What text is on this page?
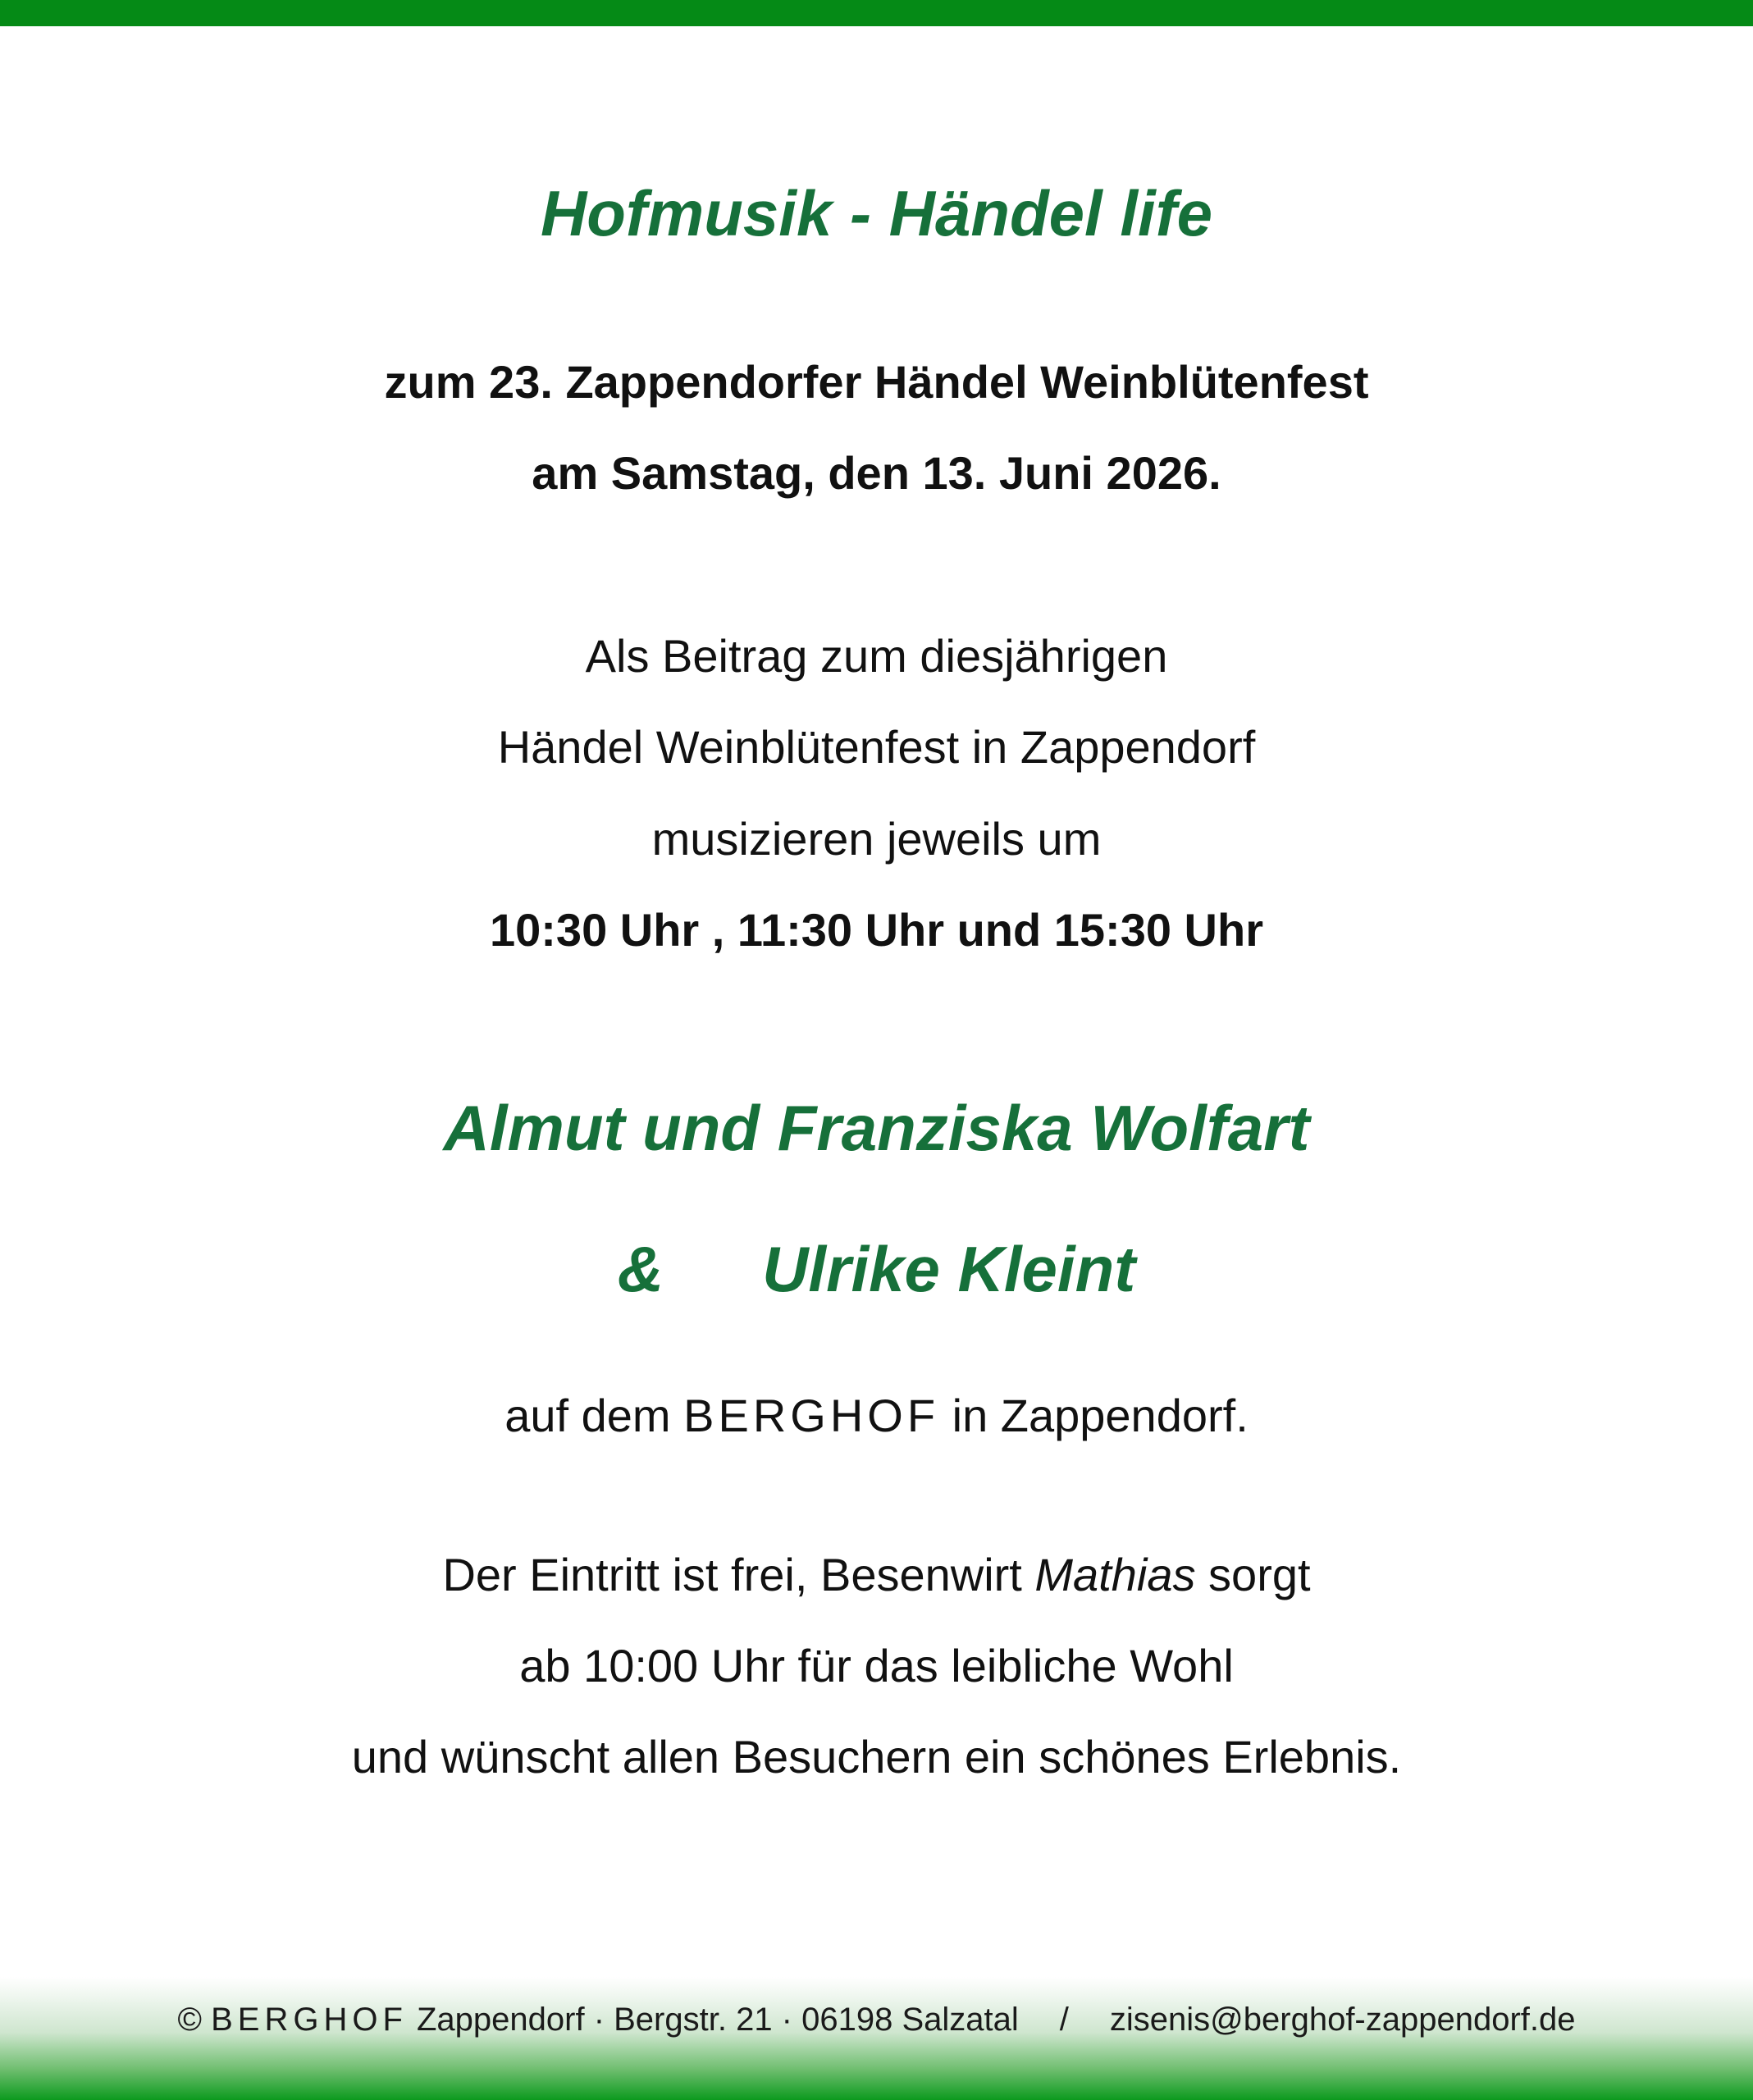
Hofmusik - Händel life
zum 23. Zappendorfer Händel Weinblütenfest
am Samstag, den 13. Juni 2026.
Als Beitrag zum diesjährigen
Händel Weinblütenfest in Zappendorf
musizieren jeweils um
10:30 Uhr , 11:30 Uhr und 15:30 Uhr
Almut und Franziska Wolfart
& Ulrike Kleint
auf dem BERGHOF in Zappendorf.
Der Eintritt ist frei, Besenwirt Mathias sorgt
ab 10:00 Uhr für das leibliche Wohl
und wünscht allen Besuchern ein schönes Erlebnis.
© BERGHOF Zappendorf · Bergstr. 21 · 06198 Salzatal / zisenis@berghof-zappendorf.de
